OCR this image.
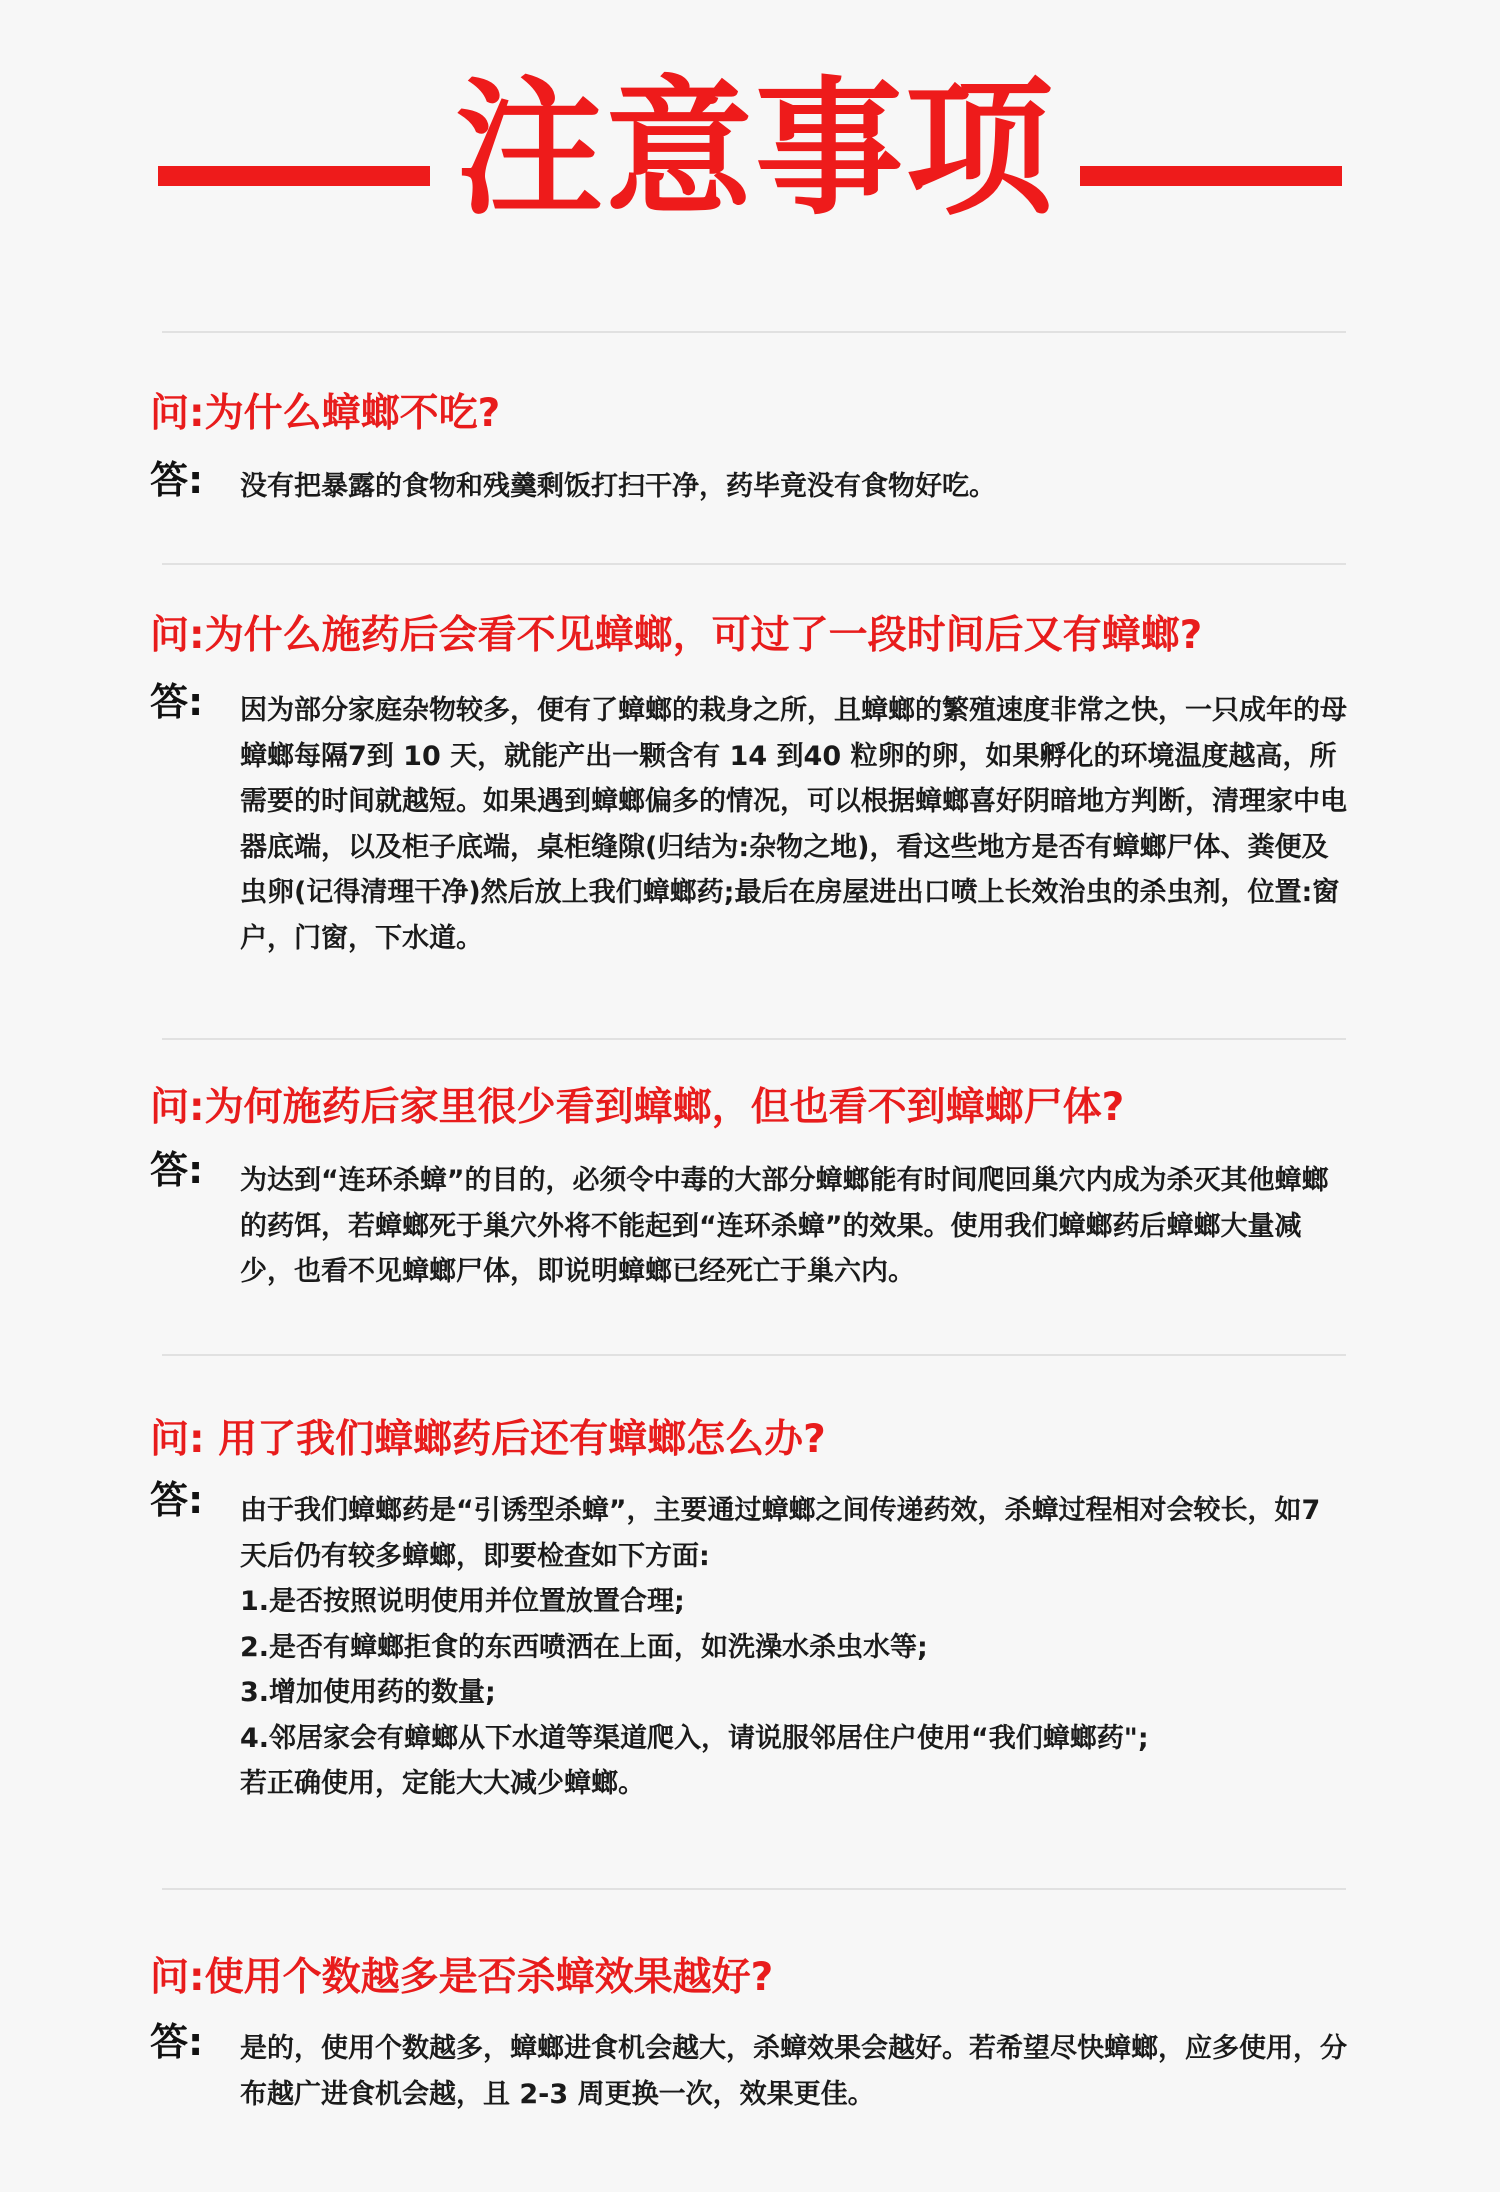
注意事项
问:为什么蟑螂不吃?
答: 没有把暴露的食物和残羹剩饭打扫干净，药毕竟没有食物好吃。
问:为什么施药后会看不见蟑螂，可过了一段时间后又有蟑螂?
答: 因为部分家庭杂物较多，便有了蟑螂的栽身之所，且蟑螂的繁殖速度非常之快，一只成年的母蟑螂每隔7到 10 天，就能产出一颗含有 14 到40 粒卵的卵，如果孵化的环境温度越高，所需要的时间就越短。如果遇到蟑螂偏多的情况，可以根据蟑螂喜好阴暗地方判断，清理家中电器底端，以及柜子底端，桌柜缝隙(归结为:杂物之地)，看这些地方是否有蟑螂尸体、粪便及虫卵(记得清理干净)然后放上我们蟑螂药;最后在房屋进出口喷上长效治虫的杀虫剂，位置:窗户，门窗，下水道。
问:为何施药后家里很少看到蟑螂，但也看不到蟑螂尸体?
答: 为达到“连环杀蟑”的目的，必须令中毒的大部分蟑螂能有时间爬回巢穴内成为杀灭其他蟑螂的药饵，若蟑螂死于巢穴外将不能起到“连环杀蟑”的效果。使用我们蟑螂药后蟑螂大量减少，也看不见蟑螂尸体，即说明蟑螂已经死亡于巢六内。
问: 用了我们蟑螂药后还有蟑螂怎么办?
答: 由于我们蟑螂药是“引诱型杀蟑”，主要通过蟑螂之间传递药效，杀蟑过程相对会较长，如7 天后仍有较多蟑螂，即要检查如下方面:

1.是否按照说明使用并位置放置合理;

2.是否有蟑螂拒食的东西喷洒在上面，如洗澡水杀虫水等;

3.增加使用药的数量;

4.邻居家会有蟑螂从下水道等渠道爬入，请说服邻居住户使用“我们蟑螂药";

若正确使用，定能大大减少蟑螂。

问:使用个数越多是否杀蟑效果越好?
答: 是的，使用个数越多，蟑螂进食机会越大，杀蟑效果会越好。若希望尽快蟑螂，应多使用，分布越广进食机会越，且 2-3 周更换一次，效果更佳。
